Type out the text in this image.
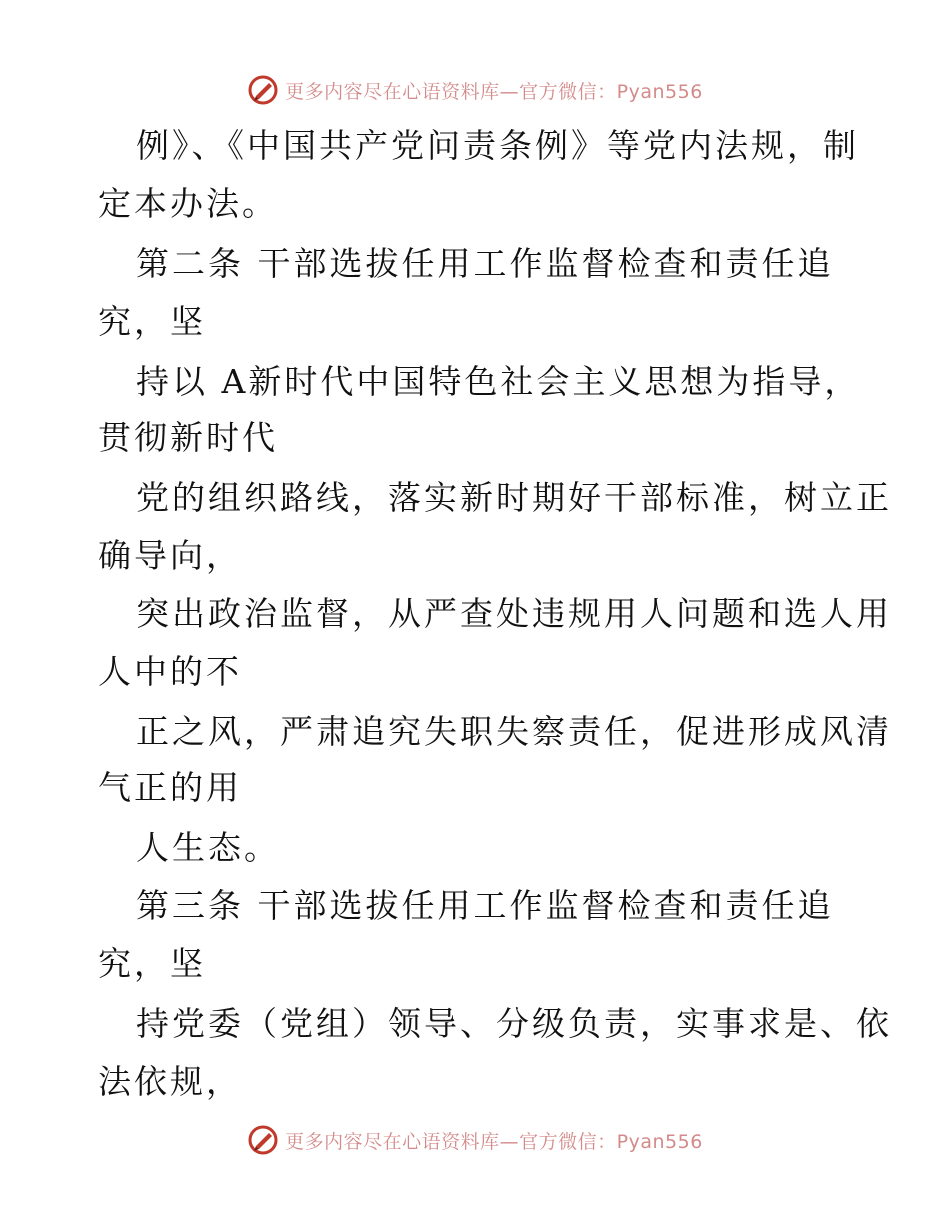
更多内容尽在心语资料库—官方微信：Pyan556
例》、《中国共产党问责条例》等党内法规，制
定本办法。
第二条 干部选拔任用工作监督检查和责任追
究，坚
持以 A新时代中国特色社会主义思想为指导，
贯彻新时代
党的组织路线，落实新时期好干部标准，树立正
确导向，
突出政治监督，从严查处违规用人问题和选人用
人中的不
正之风，严肃追究失职失察责任，促进形成风清
气正的用
人生态。
第三条 干部选拔任用工作监督检查和责任追
究，坚
持党委（党组）领导、分级负责，实事求是、依
法依规，
更多内容尽在心语资料库—官方微信：Pyan556
